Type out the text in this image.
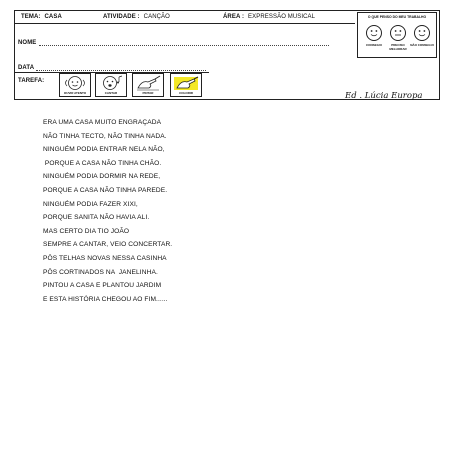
TEMA: CASA	ATIVIDADE : CANÇÃO	ÁREA : EXPRESSÃO MUSICAL
NOME
DATA
TAREFA:
OUVIR ATENTO	CANTAR	PINTAR	COLORIR
O QUE PENSO DO MEU TRABALHO
CONSEGUI	PRECISO MELHORAR
NÃO CONSEGUI
Ed . Lúcia Europa
ERA UMA CASA MUITO ENGRAÇADA
NÃO TINHA TECTO, NÃO TINHA NADA.
NINGUÉM PODIA ENTRAR NELA NÃO,
PORQUE A CASA NÃO TINHA CHÃO.
NINGUÉM PODIA DORMIR NA REDE,
PORQUE A CASA NÃO TINHA PAREDE.
NINGUÉM PODIA FAZER XIXI,
PORQUE SANITA NÃO HAVIA ALI.
MAS CERTO DIA TIO JOÃO
SEMPRE A CANTAR, VEIO CONCERTAR.
PÔS TELHAS NOVAS NESSA CASINHA
PÔS CORTINADOS NA  JANELINHA.
PINTOU A CASA E PLANTOU JARDIM
E ESTA HISTÓRIA CHEGOU AO FIM......
